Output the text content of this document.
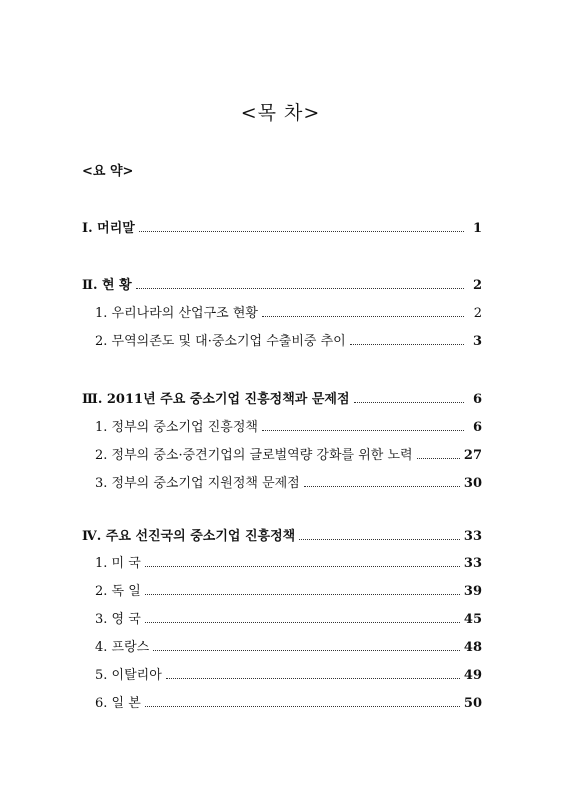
<목 차>
<요 약>
Ⅰ. 머리말	1
Ⅱ. 현 황	2
1. 우리나라의 산업구조 현황	2
2. 무역의존도 및 대·중소기업 수출비중 추이	3
Ⅲ. 2011년 주요 중소기업 진흥정책과 문제점	6
1. 정부의 중소기업 진흥정책	6
2. 정부의 중소·중견기업의 글로벌역량 강화를 위한 노력	27
3. 정부의 중소기업 지원정책 문제점	30
Ⅳ. 주요 선진국의 중소기업 진흥정책	33
1. 미 국	33
2. 독 일	39
3. 영 국	45
4. 프랑스	48
5. 이탈리아	49
6. 일 본	50
